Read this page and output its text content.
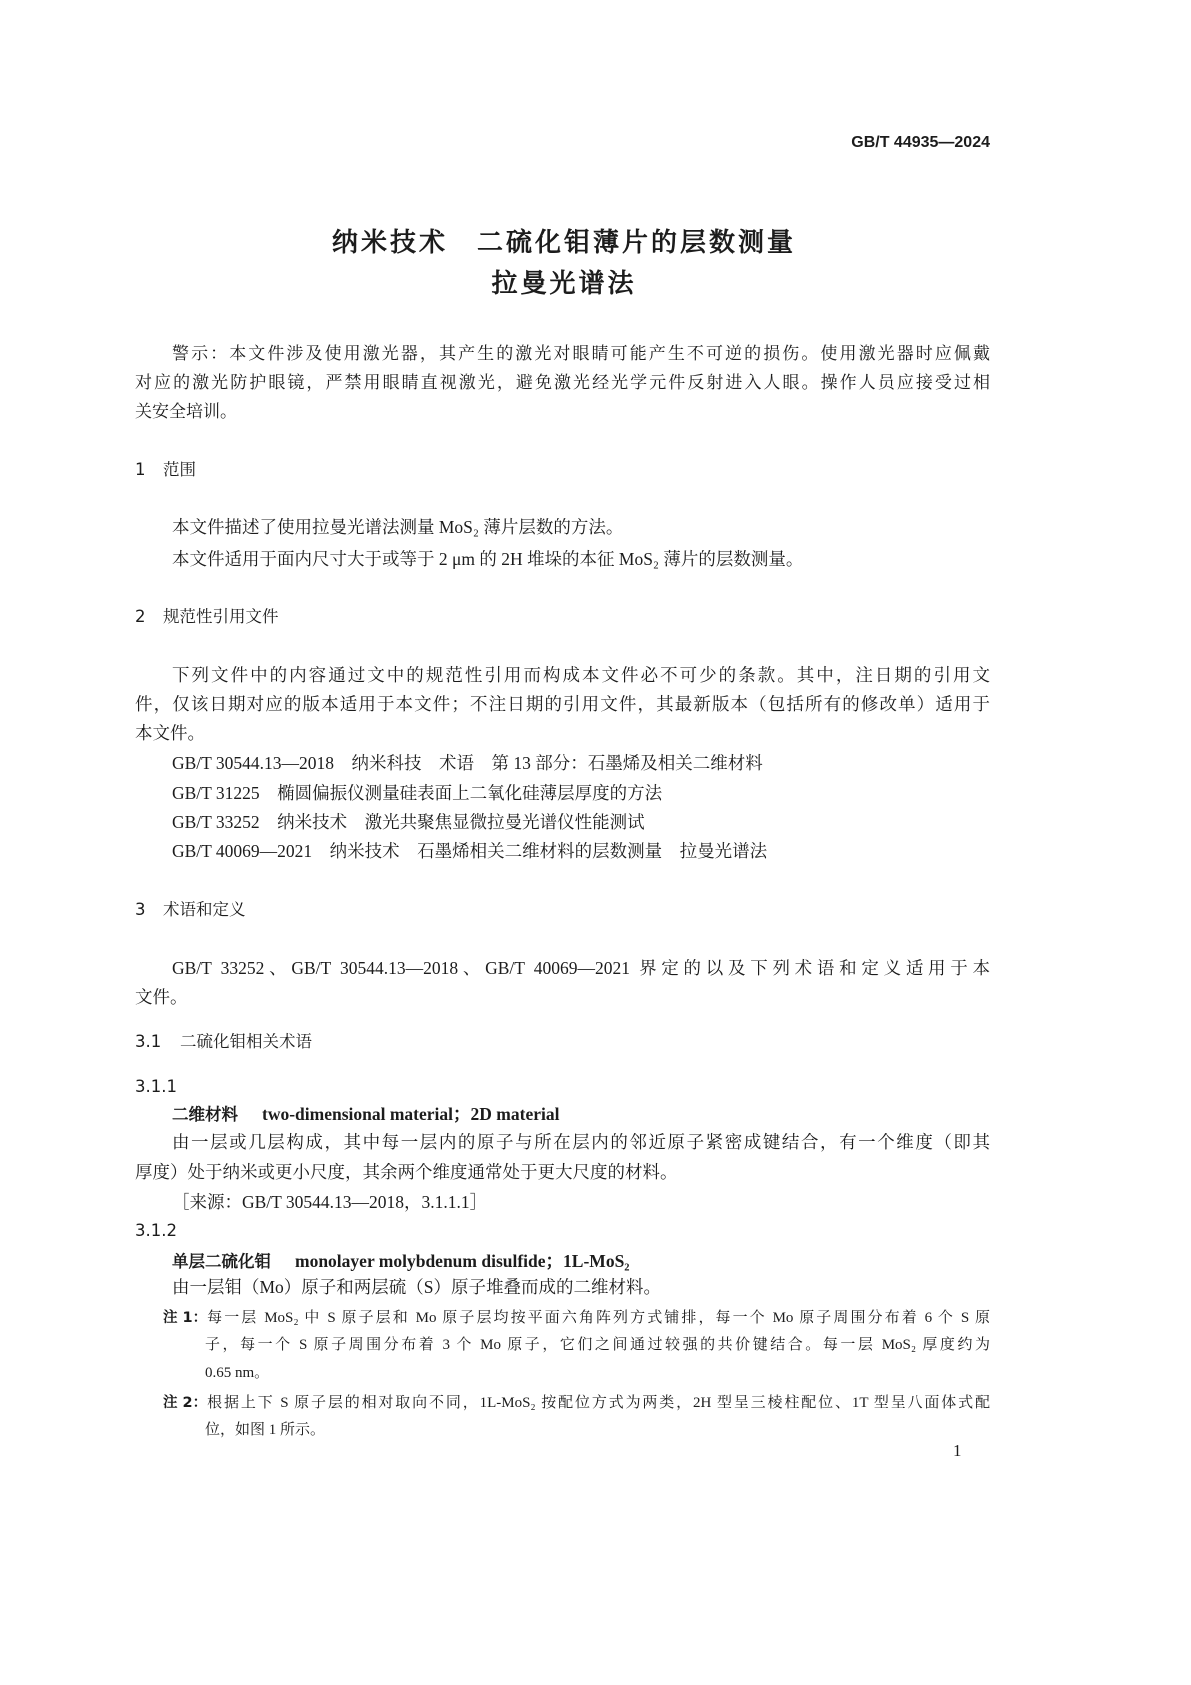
GB/T 44935—2024
纳米技术　二硫化钼薄片的层数测量
拉曼光谱法
警示：本文件涉及使用激光器，其产生的激光对眼睛可能产生不可逆的损伤。使用激光器时应佩戴
对应的激光防护眼镜，严禁用眼睛直视激光，避免激光经光学元件反射进入人眼。操作人员应接受过相
关安全培训。
1 范围
本文件描述了使用拉曼光谱法测量 MoS₂ 薄片层数的方法。
本文件适用于面内尺寸大于或等于 2 μm 的 2H 堆垛的本征 MoS₂ 薄片的层数测量。
2 规范性引用文件
下列文件中的内容通过文中的规范性引用而构成本文件必不可少的条款。其中，注日期的引用文
件，仅该日期对应的版本适用于本文件；不注日期的引用文件，其最新版本（包括所有的修改单）适用于
本文件。
GB/T 30544.13—2018　纳米科技　术语　第 13 部分：石墨烯及相关二维材料
GB/T 31225　椭圆偏振仪测量硅表面上二氧化硅薄层厚度的方法
GB/T 33252　纳米技术　激光共聚焦显微拉曼光谱仪性能测试
GB/T 40069—2021　纳米技术　石墨烯相关二维材料的层数测量　拉曼光谱法
3 术语和定义
GB/T 33252、GB/T 30544.13—2018、GB/T 40069—2021 界定的以及下列术语和定义适用于本
文件。
3.1 二硫化钼相关术语
3.1.1
二维材料 two-dimensional material；2D material
由一层或几层构成，其中每一层内的原子与所在层内的邻近原子紧密成键结合，有一个维度（即其
厚度）处于纳米或更小尺度，其余两个维度通常处于更大尺度的材料。
［来源：GB/T 30544.13—2018，3.1.1.1］
3.1.2
单层二硫化钼 monolayer molybdenum disulfide；1L-MoS₂
由一层钼（Mo）原子和两层硫（S）原子堆叠而成的二维材料。
注 1： 每一层 MoS₂ 中 S 原子层和 Mo 原子层均按平面六角阵列方式铺排，每一个 Mo 原子周围分布着 6 个 S 原
子，每一个 S 原子周围分布着 3 个 Mo 原子，它们之间通过较强的共价键结合。每一层 MoS₂ 厚度约为
0.65 nm。
注 2： 根据上下 S 原子层的相对取向不同，1L-MoS₂ 按配位方式为两类，2H 型呈三棱柱配位、1T 型呈八面体式配
位，如图 1 所示。
1
